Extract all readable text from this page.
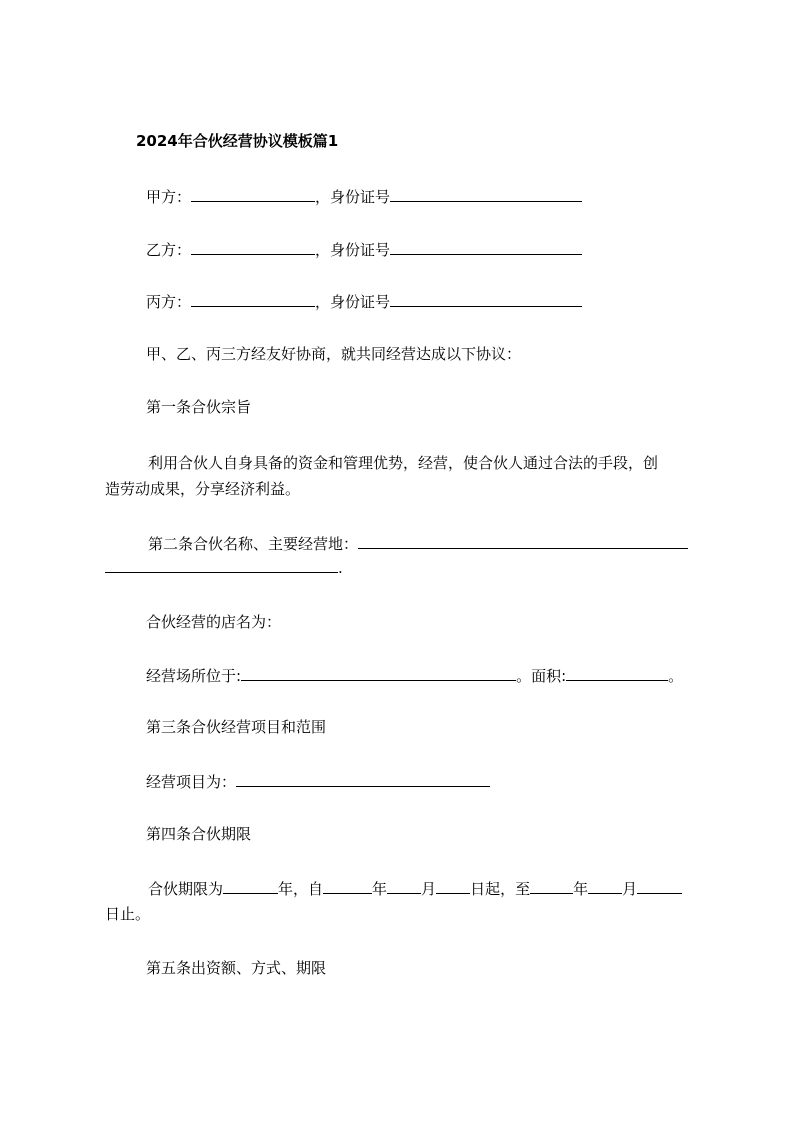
2024年合伙经营协议模板篇1
甲方：	，身份证号
乙方：	，身份证号
丙方：	，身份证号
甲、乙、丙三方经友好协商，就共同经营达成以下协议：
第一条合伙宗旨
利用合伙人自身具备的资金和管理优势，经营，使合伙人通过合法的手段，创
造劳动成果，分享经济利益。
第二条合伙名称、主要经营地：
.
合伙经营的店名为：
经营场所位于:	。面积:	。
第三条合伙经营项目和范围
经营项目为：
第四条合伙期限
合伙期限为	年，自	年 月 日起，至	年 月
日止。
第五条出资额、方式、期限
